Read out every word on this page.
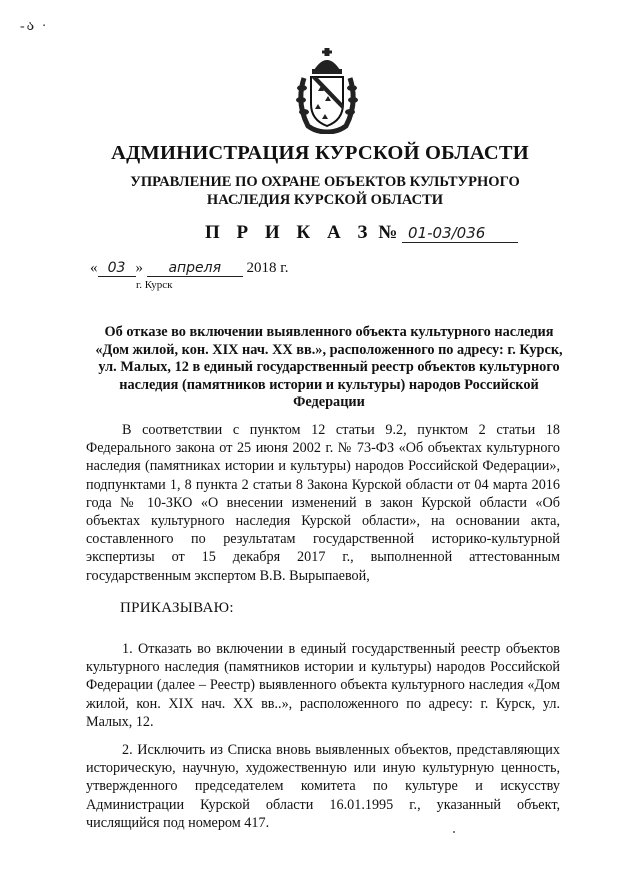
-ა ·
АДМИНИСТРАЦИЯ КУРСКОЙ ОБЛАСТИ
УПРАВЛЕНИЕ ПО ОХРАНЕ ОБЪЕКТОВ КУЛЬТУРНОГО НАСЛЕДИЯ КУРСКОЙ ОБЛАСТИ
П Р И К А З № 01-03/036
« 03 » апреля 2018 г.
г. Курск
Об отказе во включении выявленного объекта культурного наследия «Дом жилой, кон. XIX нач. XX вв.», расположенного по адресу: г. Курск, ул. Малых, 12 в единый государственный реестр объектов культурного наследия (памятников истории и культуры) народов Российской Федерации
В соответствии с пунктом 12 статьи 9.2, пунктом 2 статьи 18 Федерального закона от 25 июня 2002 г. № 73-ФЗ «Об объектах культурного наследия (памятниках истории и культуры) народов Российской Федерации», подпунктами 1, 8 пункта 2 статьи 8 Закона Курской области от 04 марта 2016 года № 10-ЗКО «О внесении изменений в закон Курской области «Об объектах культурного наследия Курской области», на основании акта, составленного по результатам государственной историко-культурной экспертизы от 15 декабря 2017 г., выполненной аттестованным государственным экспертом В.В. Вырыпаевой,
ПРИКАЗЫВАЮ:
1. Отказать во включении в единый государственный реестр объектов культурного наследия (памятников истории и культуры) народов Российской Федерации (далее – Реестр) выявленного объекта культурного наследия «Дом жилой, кон. XIX нач. XX вв..», расположенного по адресу: г. Курск, ул. Малых, 12.
2. Исключить из Списка вновь выявленных объектов, представляющих историческую, научную, художественную или иную культурную ценность, утвержденного председателем комитета по культуре и искусству Администрации Курской области 16.01.1995 г., указанный объект, числящийся под номером 417.
